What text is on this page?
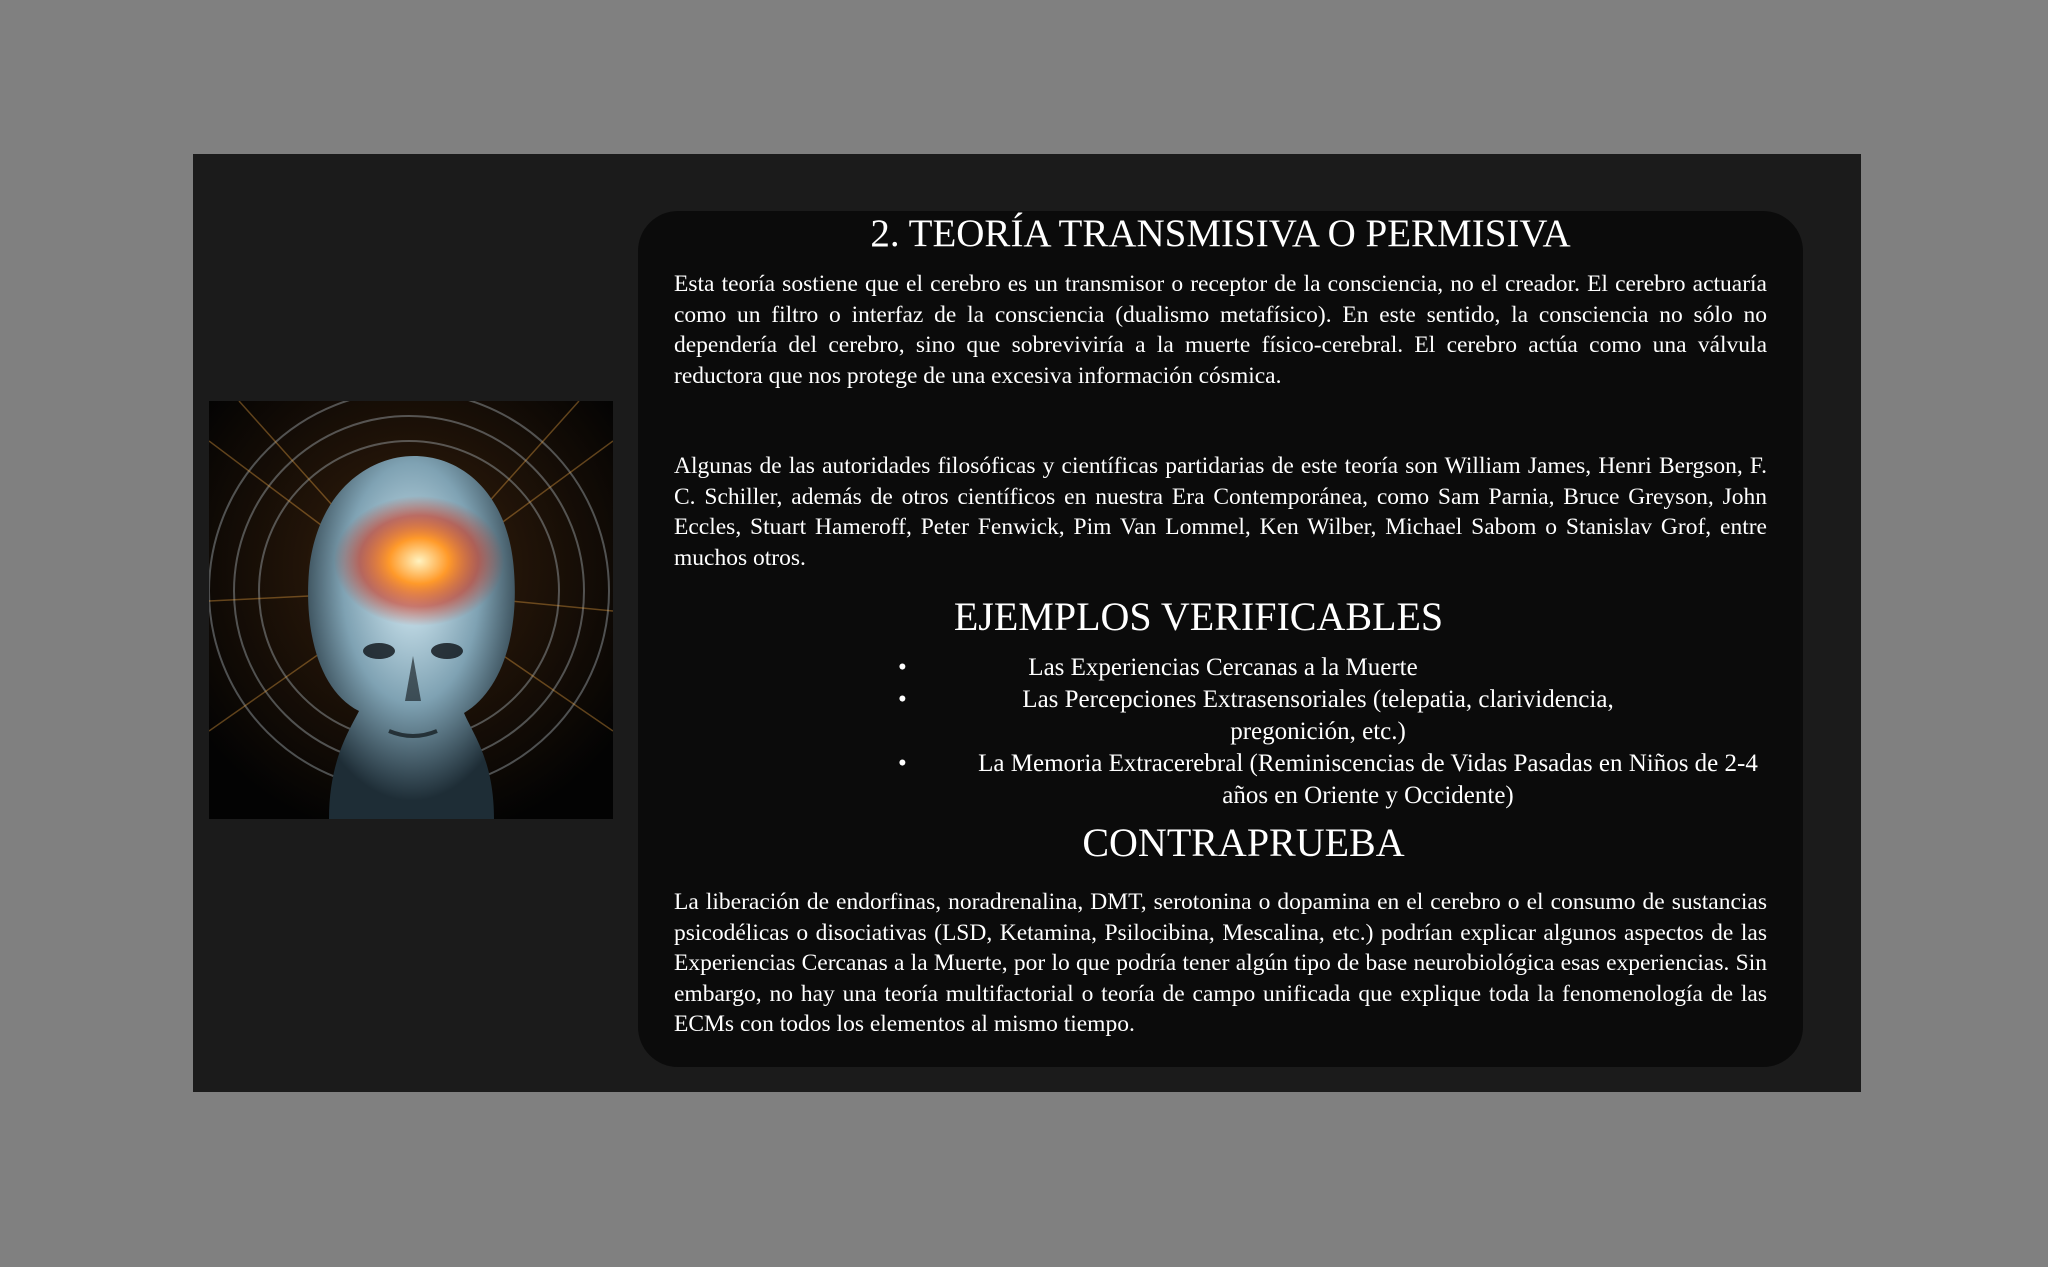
2. TEORÍA TRANSMISIVA O PERMISIVA

Esta teoría sostiene que el cerebro es un transmisor o receptor de la consciencia, no el creador. El cerebro actuaría como un filtro o interfaz de la consciencia (dualismo metafísico). En este sentido, la consciencia no sólo no dependería del cerebro, sino que sobreviviría a la muerte físico-cerebral. El cerebro actúa como una válvula reductora que nos protege de una excesiva información cósmica.

Algunas de las autoridades filosóficas y científicas partidarias de este teoría son William James, Henri Bergson, F. C. Schiller, además de otros científicos en nuestra Era Contemporánea, como Sam Parnia, Bruce Greyson, John Eccles, Stuart Hameroff, Peter Fenwick, Pim Van Lommel, Ken Wilber, Michael Sabom o Stanislav Grof, entre muchos otros.

EJEMPLOS VERIFICABLES
•	Las Experiencias Cercanas a la Muerte
•	Las Percepciones Extrasensoriales (telepatia, clarividencia, pregonición, etc.)
•	La Memoria Extracerebral (Reminiscencias de Vidas Pasadas en Niños de 2-4 años en Oriente y Occidente)
CONTRAPRUEBA

La liberación de endorfinas, noradrenalina, DMT, serotonina o dopamina en el cerebro o el consumo de sustancias psicodélicas o disociativas (LSD, Ketamina, Psilocibina, Mescalina, etc.) podrían explicar algunos aspectos de las Experiencias Cercanas a la Muerte, por lo que podría tener algún tipo de base neurobiológica esas experiencias. Sin embargo, no hay una teoría multifactorial o teoría de campo unificada que explique toda la fenomenología de las ECMs con todos los elementos al mismo tiempo.
